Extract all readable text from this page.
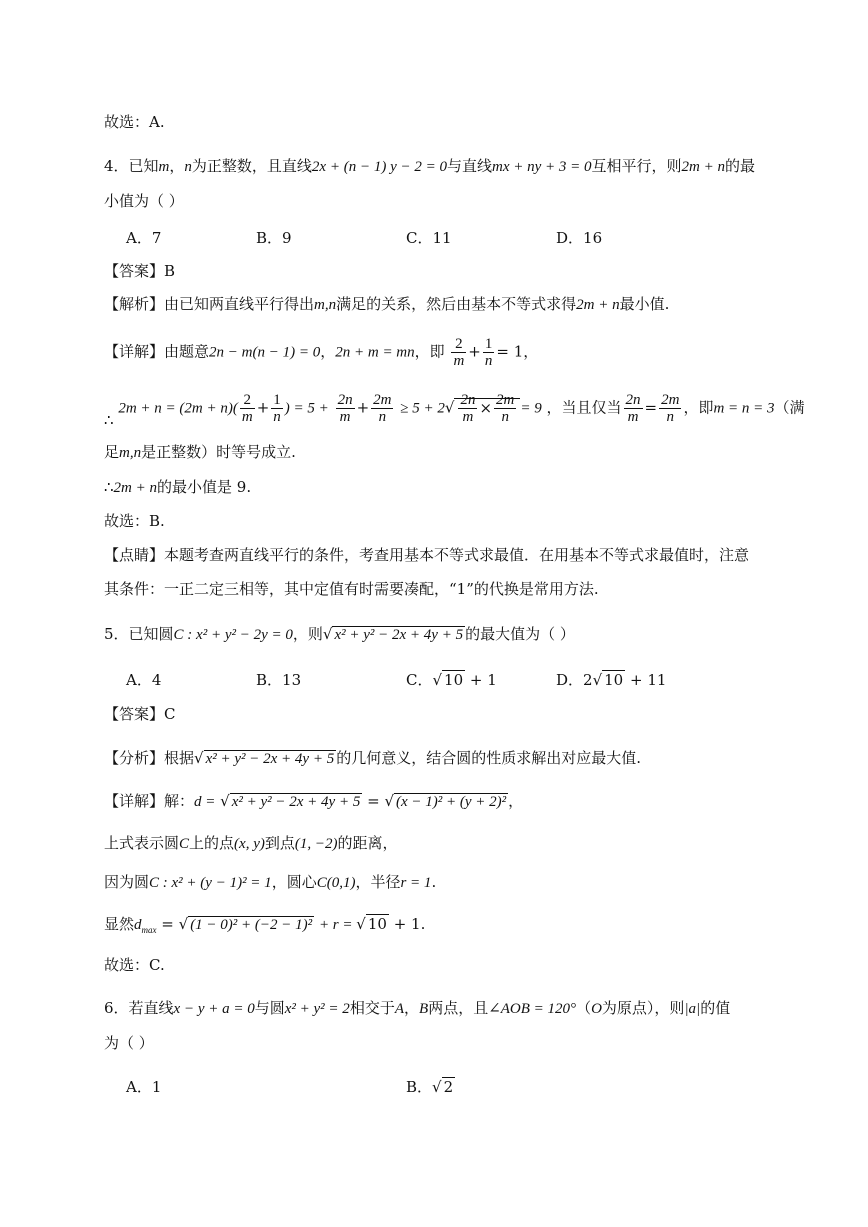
故选：A.
4．已知m，n为正整数，且直线2x + (n − 1) y − 2 = 0与直线mx + ny + 3 = 0互相平行，则2m + n的最
小值为（ ）
A．7	B．9	C．11	D．16
【答案】B
【解析】由已知两直线平行得出m,n满足的关系，然后由基本不等式求得2m + n最小值.
【详解】由题意2n − m(n − 1) = 0，2n + m = mn，即 $\frac{2}{m} + \frac{1}{n} = 1$，
∴ $2m + n = (2m + n)( \frac{2}{m} + \frac{1}{n}$ ) = $5 + \frac{2n}{m} + \frac{2m}{n} \ge 5 + 2√ \frac{2n}{m} \times \frac{2m}{n} = 9$ ，当且仅当 $\frac{2n}{m} = \frac{2m}{n}$ ，即m = n = 3（满
足m,n是正整数）时等号成立.
∴2m + n的最小值是 9.
故选：B.
【点睛】本题考查两直线平行的条件，考查用基本不等式求最值．在用基本不等式求最值时，注意
其条件：一正二定三相等，其中定值有时需要凑配，“1”的代换是常用方法.
5．已知圆C : x² + y² − 2y = 0，则√ x² + y² − 2x + 4y + 5 的最大值为（ ）
A．4	B．13	C．√ 10 + 1	D．2√ 10 + 11
【答案】C
【分析】根据√ x² + y² − 2x + 4y + 5 的几何意义，结合圆的性质求解出对应最大值.
【详解】解：d = √ x² + y² − 2x + 4y + 5 = √ (x − 1)² + (y + 2)² ，
上式表示圆C上的点(x, y)到点(1, −2)的距离，
因为圆C : x² + (y − 1)² = 1，圆心C(0,1)，半径r = 1.
显然$d_{max}$ = √ (1 − 0)² + (−2 − 1)² + r = √ 10 + 1.
故选：C.
6．若直线x − y + a = 0与圆x² + y² = 2相交于A，B两点，且∠AOB = 120°（O为原点），则|a|的值
为（ ）
A．1	B．√ 2
